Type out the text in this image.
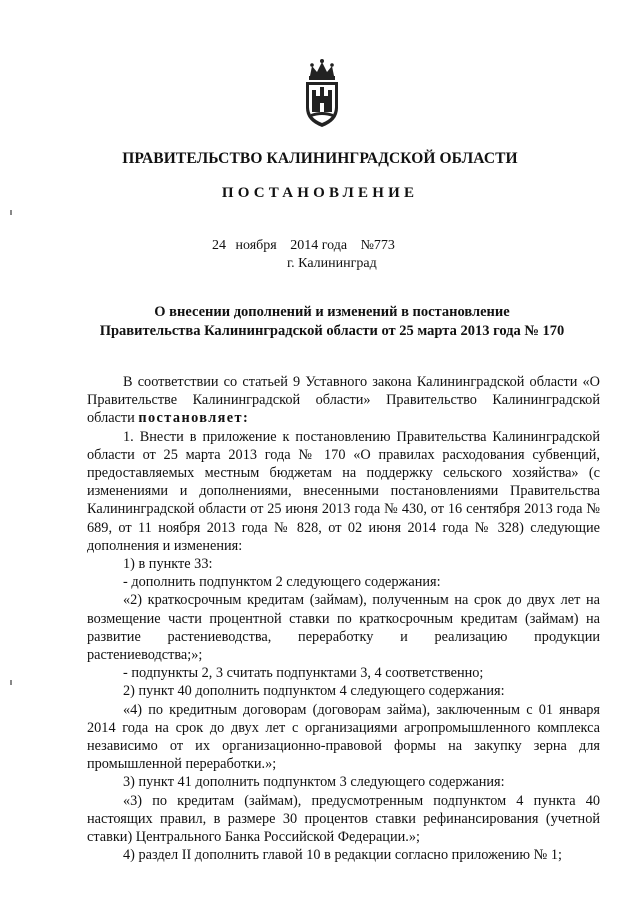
ПРАВИТЕЛЬСТВО КАЛИНИНГРАДСКОЙ ОБЛАСТИ
ПОСТАНОВЛЕНИЕ
24 ноября 2014 года №773
г. Калининград
О внесении дополнений и изменений в постановление
Правительства Калининградской области от 25 марта 2013 года № 170

В соответствии со статьей 9 Уставного закона Калининградской области «О Правительстве Калининградской области» Правительство Калининградской области постановляет:

1. Внести в приложение к постановлению Правительства Калининградской области от 25 марта 2013 года № 170 «О правилах расходования субвенций, предоставляемых местным бюджетам на поддержку сельского хозяйства» (с изменениями и дополнениями, внесенными постановлениями Правительства Калининградской области от 25 июня 2013 года № 430, от 16 сентября 2013 года № 689, от 11 ноября 2013 года № 828, от 02 июня 2014 года № 328) следующие дополнения и изменения:

1) в пункте 33:

- дополнить подпунктом 2 следующего содержания:

«2) краткосрочным кредитам (займам), полученным на срок до двух лет на возмещение части процентной ставки по краткосрочным кредитам (займам) на развитие растениеводства, переработку и реализацию продукции растениеводства;»;

- подпункты 2, 3 считать подпунктами 3, 4 соответственно;

2) пункт 40 дополнить подпунктом 4 следующего содержания:

«4) по кредитным договорам (договорам займа), заключенным с 01 января 2014 года на срок до двух лет с организациями агропромышленного комплекса независимо от их организационно-правовой формы на закупку зерна для промышленной переработки.»;

3) пункт 41 дополнить подпунктом 3 следующего содержания:

«3) по кредитам (займам), предусмотренным подпунктом 4 пункта 40 настоящих правил, в размере 30 процентов ставки рефинансирования (учетной ставки) Центрального Банка Российской Федерации.»;

4) раздел II дополнить главой 10 в редакции согласно приложению № 1;
